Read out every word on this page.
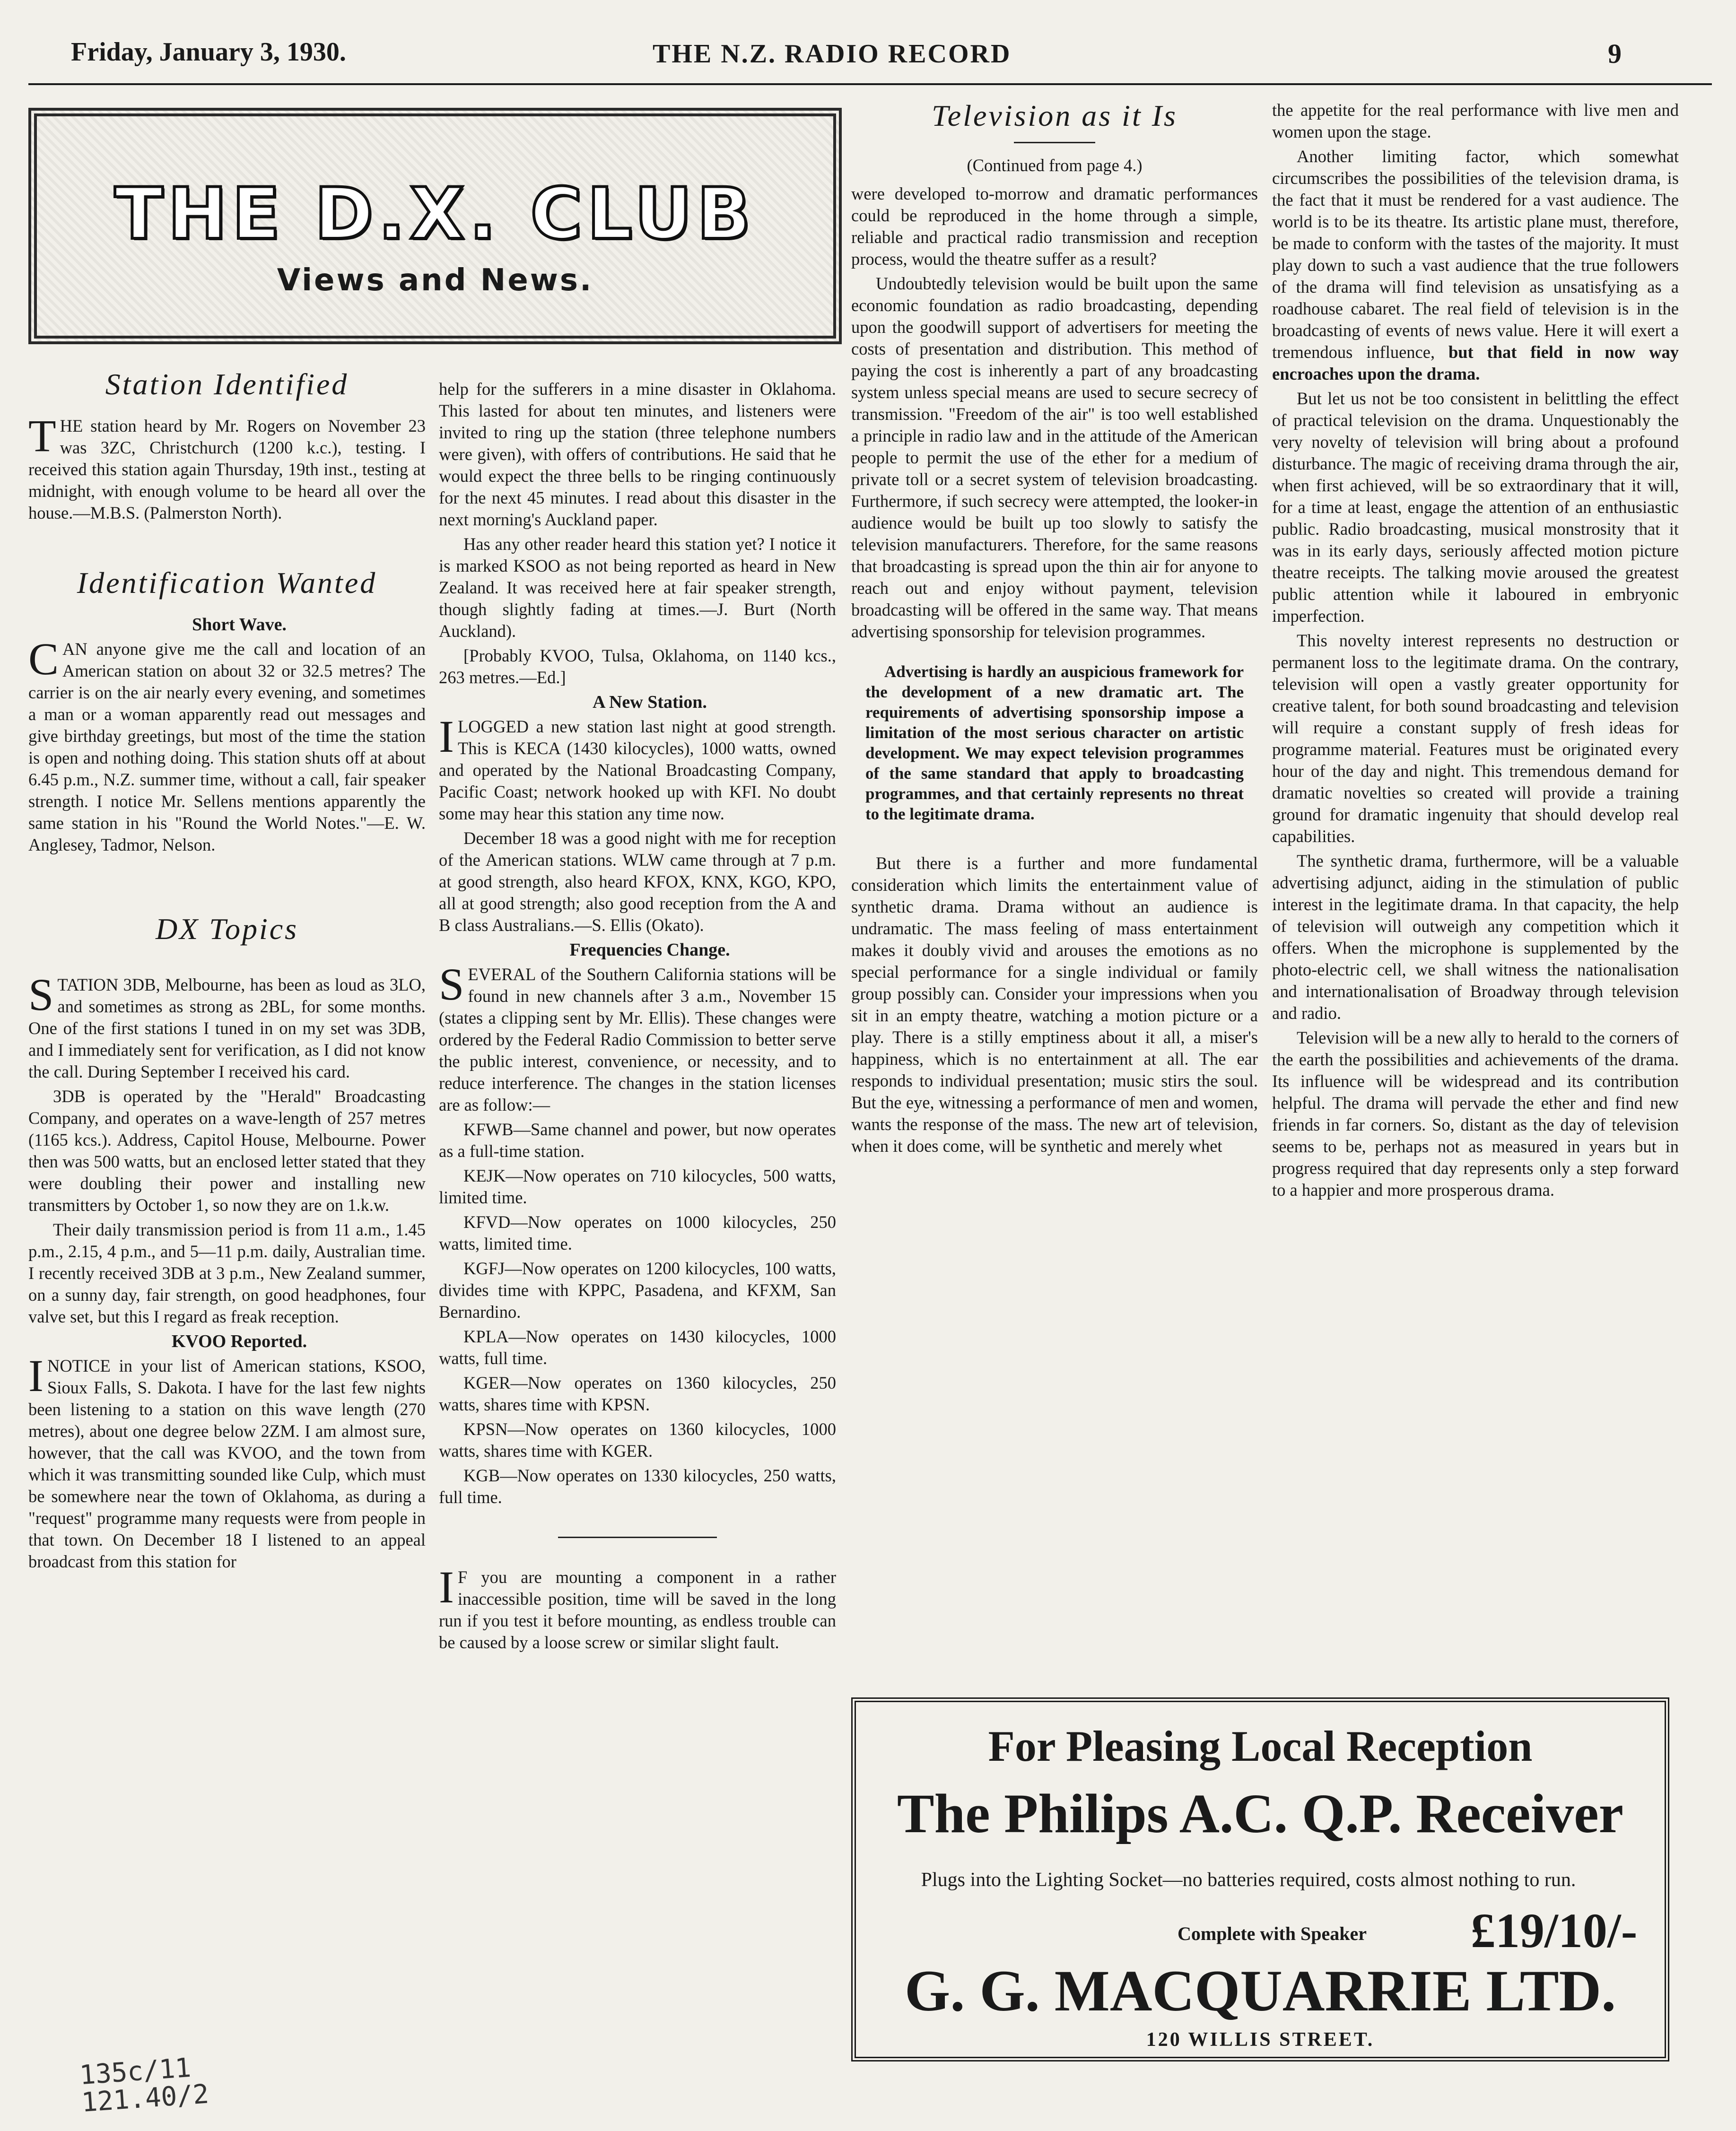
Friday, January 3, 1930.	THE N.Z. RADIO RECORD	9
THE D.X. CLUB
Views and News.
Station Identified

THE station heard by Mr. Rogers on November 23 was 3ZC, Christchurch (1200 k.c.), testing. I received this station again Thursday, 19th inst., testing at midnight, with enough volume to be heard all over the house.—M.B.S. (Palmerston North).

Identification Wanted

Short Wave.

CAN anyone give me the call and location of an American station on about 32 or 32.5 metres? The carrier is on the air nearly every evening, and sometimes a man or a woman apparently read out messages and give birthday greetings, but most of the time the station is open and nothing doing. This station shuts off at about 6.45 p.m., N.Z. summer time, without a call, fair speaker strength. I notice Mr. Sellens mentions apparently the same station in his "Round the World Notes."—E. W. Anglesey, Tadmor, Nelson.

DX Topics

STATION 3DB, Melbourne, has been as loud as 3LO, and sometimes as strong as 2BL, for some months. One of the first stations I tuned in on my set was 3DB, and I immediately sent for verification, as I did not know the call. During September I received his card.

3DB is operated by the "Herald" Broadcasting Company, and operates on a wave-length of 257 metres (1165 kcs.). Address, Capitol House, Melbourne. Power then was 500 watts, but an enclosed letter stated that they were doubling their power and installing new transmitters by October 1, so now they are on 1.k.w.

Their daily transmission period is from 11 a.m., 1.45 p.m., 2.15, 4 p.m., and 5—11 p.m. daily, Australian time. I recently received 3DB at 3 p.m., New Zealand summer, on a sunny day, fair strength, on good headphones, four valve set, but this I regard as freak reception.

KVOO Reported.

INOTICE in your list of American stations, KSOO, Sioux Falls, S. Dakota. I have for the last few nights been listening to a station on this wave length (270 metres), about one degree below 2ZM. I am almost sure, however, that the call was KVOO, and the town from which it was transmitting sounded like Culp, which must be somewhere near the town of Oklahoma, as during a "request" programme many requests were from people in that town. On December 18 I listened to an appeal broadcast from this station for

help for the sufferers in a mine disaster in Oklahoma. This lasted for about ten minutes, and listeners were invited to ring up the station (three telephone numbers were given), with offers of contributions. He said that he would expect the three bells to be ringing continuously for the next 45 minutes. I read about this disaster in the next morning's Auckland paper.

Has any other reader heard this station yet? I notice it is marked KSOO as not being reported as heard in New Zealand. It was received here at fair speaker strength, though slightly fading at times.—J. Burt (North Auckland).

[Probably KVOO, Tulsa, Oklahoma, on 1140 kcs., 263 metres.—Ed.]

A New Station.

ILOGGED a new station last night at good strength. This is KECA (1430 kilocycles), 1000 watts, owned and operated by the National Broadcasting Company, Pacific Coast; network hooked up with KFI. No doubt some may hear this station any time now.

December 18 was a good night with me for reception of the American stations. WLW came through at 7 p.m. at good strength, also heard KFOX, KNX, KGO, KPO, all at good strength; also good reception from the A and B class Australians.—S. Ellis (Okato).

Frequencies Change.

SEVERAL of the Southern California stations will be found in new channels after 3 a.m., November 15 (states a clipping sent by Mr. Ellis). These changes were ordered by the Federal Radio Commission to better serve the public interest, convenience, or necessity, and to reduce interference. The changes in the station licenses are as follow:—

KFWB—Same channel and power, but now operates as a full-time station.

KEJK—Now operates on 710 kilocycles, 500 watts, limited time.

KFVD—Now operates on 1000 kilocycles, 250 watts, limited time.

KGFJ—Now operates on 1200 kilocycles, 100 watts, divides time with KPPC, Pasadena, and KFXM, San Bernardino.

KPLA—Now operates on 1430 kilocycles, 1000 watts, full time.

KGER—Now operates on 1360 kilocycles, 250 watts, shares time with KPSN.

KPSN—Now operates on 1360 kilocycles, 1000 watts, shares time with KGER.

KGB—Now operates on 1330 kilocycles, 250 watts, full time.

IF you are mounting a component in a rather inaccessible position, time will be saved in the long run if you test it before mounting, as endless trouble can be caused by a loose screw or similar slight fault.

Television as it Is

(Continued from page 4.)

were developed to-morrow and dramatic performances could be reproduced in the home through a simple, reliable and practical radio transmission and reception process, would the theatre suffer as a result?

Undoubtedly television would be built upon the same economic foundation as radio broadcasting, depending upon the goodwill support of advertisers for meeting the costs of presentation and distribution. This method of paying the cost is inherently a part of any broadcasting system unless special means are used to secure secrecy of transmission. "Freedom of the air" is too well established a principle in radio law and in the attitude of the American people to permit the use of the ether for a medium of private toll or a secret system of television broadcasting. Furthermore, if such secrecy were attempted, the looker-in audience would be built up too slowly to satisfy the television manufacturers. Therefore, for the same reasons that broadcasting is spread upon the thin air for anyone to reach out and enjoy without payment, television broadcasting will be offered in the same way. That means advertising sponsorship for television programmes.

Advertising is hardly an auspicious framework for the development of a new dramatic art. The requirements of advertising sponsorship impose a limitation of the most serious character on artistic development. We may expect television programmes of the same standard that apply to broadcasting programmes, and that certainly represents no threat to the legitimate drama.

But there is a further and more fundamental consideration which limits the entertainment value of synthetic drama. Drama without an audience is undramatic. The mass feeling of mass entertainment makes it doubly vivid and arouses the emotions as no special performance for a single individual or family group possibly can. Consider your impressions when you sit in an empty theatre, watching a motion picture or a play. There is a stilly emptiness about it all, a miser's happiness, which is no entertainment at all. The ear responds to individual presentation; music stirs the soul. But the eye, witnessing a performance of men and women, wants the response of the mass. The new art of television, when it does come, will be synthetic and merely whet

the appetite for the real performance with live men and women upon the stage.

Another limiting factor, which somewhat circumscribes the possibilities of the television drama, is the fact that it must be rendered for a vast audience. The world is to be its theatre. Its artistic plane must, therefore, be made to conform with the tastes of the majority. It must play down to such a vast audience that the true followers of the drama will find television as unsatisfying as a roadhouse cabaret. The real field of television is in the broadcasting of events of news value. Here it will exert a tremendous influence, but that field in now way encroaches upon the drama.

But let us not be too consistent in belittling the effect of practical television on the drama. Unquestionably the very novelty of television will bring about a profound disturbance. The magic of receiving drama through the air, when first achieved, will be so extraordinary that it will, for a time at least, engage the attention of an enthusiastic public. Radio broadcasting, musical monstrosity that it was in its early days, seriously affected motion picture theatre receipts. The talking movie aroused the greatest public attention while it laboured in embryonic imperfection.

This novelty interest represents no destruction or permanent loss to the legitimate drama. On the contrary, television will open a vastly greater opportunity for creative talent, for both sound broadcasting and television will require a constant supply of fresh ideas for programme material. Features must be originated every hour of the day and night. This tremendous demand for dramatic novelties so created will provide a training ground for dramatic ingenuity that should develop real capabilities.

The synthetic drama, furthermore, will be a valuable advertising adjunct, aiding in the stimulation of public interest in the legitimate drama. In that capacity, the help of television will outweigh any competition which it offers. When the microphone is supplemented by the photo-electric cell, we shall witness the nationalisation and internationalisation of Broadway through television and radio.

Television will be a new ally to herald to the corners of the earth the possibilities and achievements of the drama. Its influence will be widespread and its contribution helpful. The drama will pervade the ether and find new friends in far corners. So, distant as the day of television seems to be, perhaps not as measured in years but in progress required that day represents only a step forward to a happier and more prosperous drama.

For Pleasing Local Reception
The Philips A.C. Q.P. Receiver
Plugs into the Lighting Socket—no batteries required, costs almost nothing to run.
Complete with Speaker £19/10/-
G. G. MACQUARRIE LTD.
120 WILLIS STREET.
135c/11 121.40/2
